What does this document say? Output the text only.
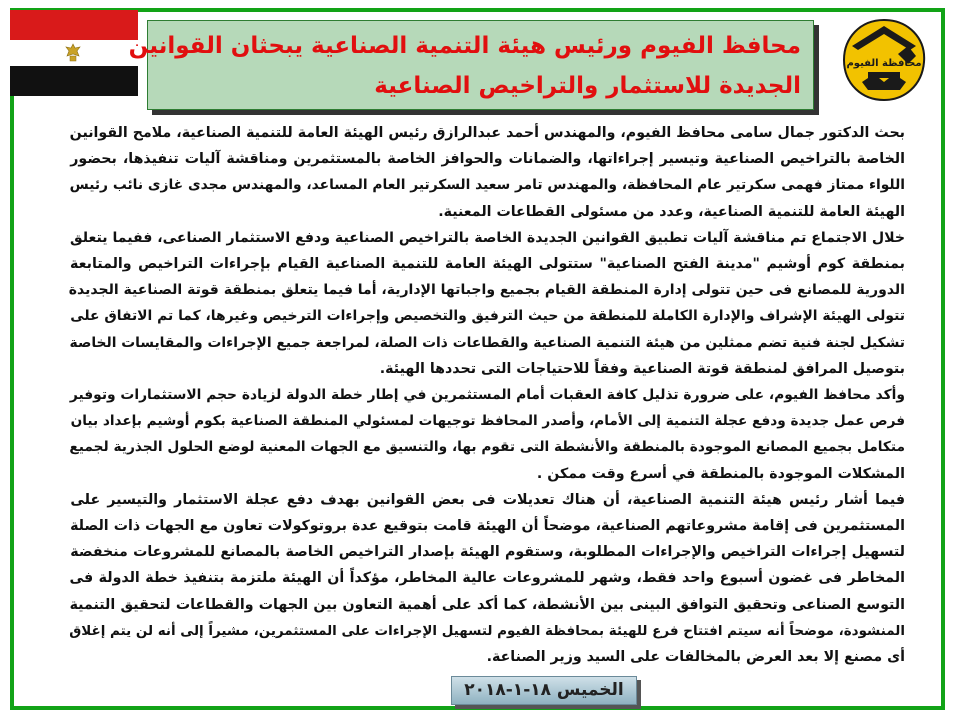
محافظ الفيوم ورئيس هيئة التنمية الصناعية يبحثان القوانين
الجديدة للاستثمار والتراخيص الصناعية
محافظة الفيوم
بحث الدكتور جمال سامى محافظ الفيوم، والمهندس أحمد عبدالرازق رئيس الهيئة العامة للتنمية الصناعية، ملامح القوانين
الخاصة بالتراخيص الصناعية وتيسير إجراءاتها، والضمانات والحوافز الخاصة بالمستثمرين ومناقشة آليات تنفيذها، بحضور
اللواء ممتاز فهمى سكرتير عام المحافظة، والمهندس تامر سعيد السكرتير العام المساعد، والمهندس مجدى غازى نائب رئيس
الهيئة العامة للتنمية الصناعية، وعدد من مسئولى القطاعات المعنية.
خلال الاجتماع تم مناقشة آليات تطبيق القوانين الجديدة الخاصة بالتراخيص الصناعية ودفع الاستثمار الصناعى، ففيما يتعلق
بمنطقة كوم أوشيم "مدينة الفتح الصناعية" ستتولى الهيئة العامة للتنمية الصناعية القيام بإجراءات التراخيص والمتابعة
الدورية للمصانع فى حين تتولى إدارة المنطقة القيام بجميع واجباتها الإدارية، أما فيما يتعلق بمنطقة قوتة الصناعية الجديدة
تتولى الهيئة الإشراف والإدارة الكاملة للمنطقة من حيث الترفيق والتخصيص وإجراءات الترخيص وغيرها، كما تم الاتفاق على
تشكيل لجنة فنية تضم ممثلين من هيئة التنمية الصناعية والقطاعات ذات الصلة، لمراجعة جميع الإجراءات والمقايسات الخاصة
بتوصيل المرافق لمنطقة قوتة الصناعية وفقاً للاحتياجات التى تحددها الهيئة.
وأكد محافظ الفيوم، على ضرورة تذليل كافة العقبات أمام المستثمرين في إطار خطة الدولة لزيادة حجم الاستثمارات وتوفير
فرص عمل جديدة ودفع عجلة التنمية إلى الأمام، وأصدر المحافظ توجيهات لمسئولي المنطقة الصناعية بكوم أوشيم بإعداد بيان
متكامل بجميع المصانع الموجودة بالمنطقة والأنشطة التى تقوم بها، والتنسيق مع الجهات المعنية لوضع الحلول الجذرية لجميع
المشكلات الموجودة بالمنطقة في أسرع وقت ممكن .
فيما أشار رئيس هيئة التنمية الصناعية، أن هناك تعديلات فى بعض القوانين بهدف دفع عجلة الاستثمار والتيسير على
المستثمرين فى إقامة مشروعاتهم الصناعية، موضحاً أن الهيئة قامت بتوقيع عدة بروتوكولات تعاون مع الجهات ذات الصلة
لتسهيل إجراءات التراخيص والإجراءات المطلوبة، وستقوم الهيئة بإصدار التراخيص الخاصة بالمصانع للمشروعات منخفضة
المخاطر فى غضون أسبوع واحد فقط، وشهر للمشروعات عالية المخاطر، مؤكداً أن الهيئة ملتزمة بتنفيذ خطة الدولة فى
التوسع الصناعى وتحقيق التوافق البينى بين الأنشطة، كما أكد على أهمية التعاون بين الجهات والقطاعات لتحقيق التنمية
المنشودة، موضحاً أنه سيتم افتتاح فرع للهيئة بمحافظة الفيوم لتسهيل الإجراءات على المستثمرين، مشيراً إلى أنه لن يتم إغلاق
أى مصنع إلا بعد العرض بالمخالفات على السيد وزير الصناعة.
الخميس ١٨-١-٢٠١٨
